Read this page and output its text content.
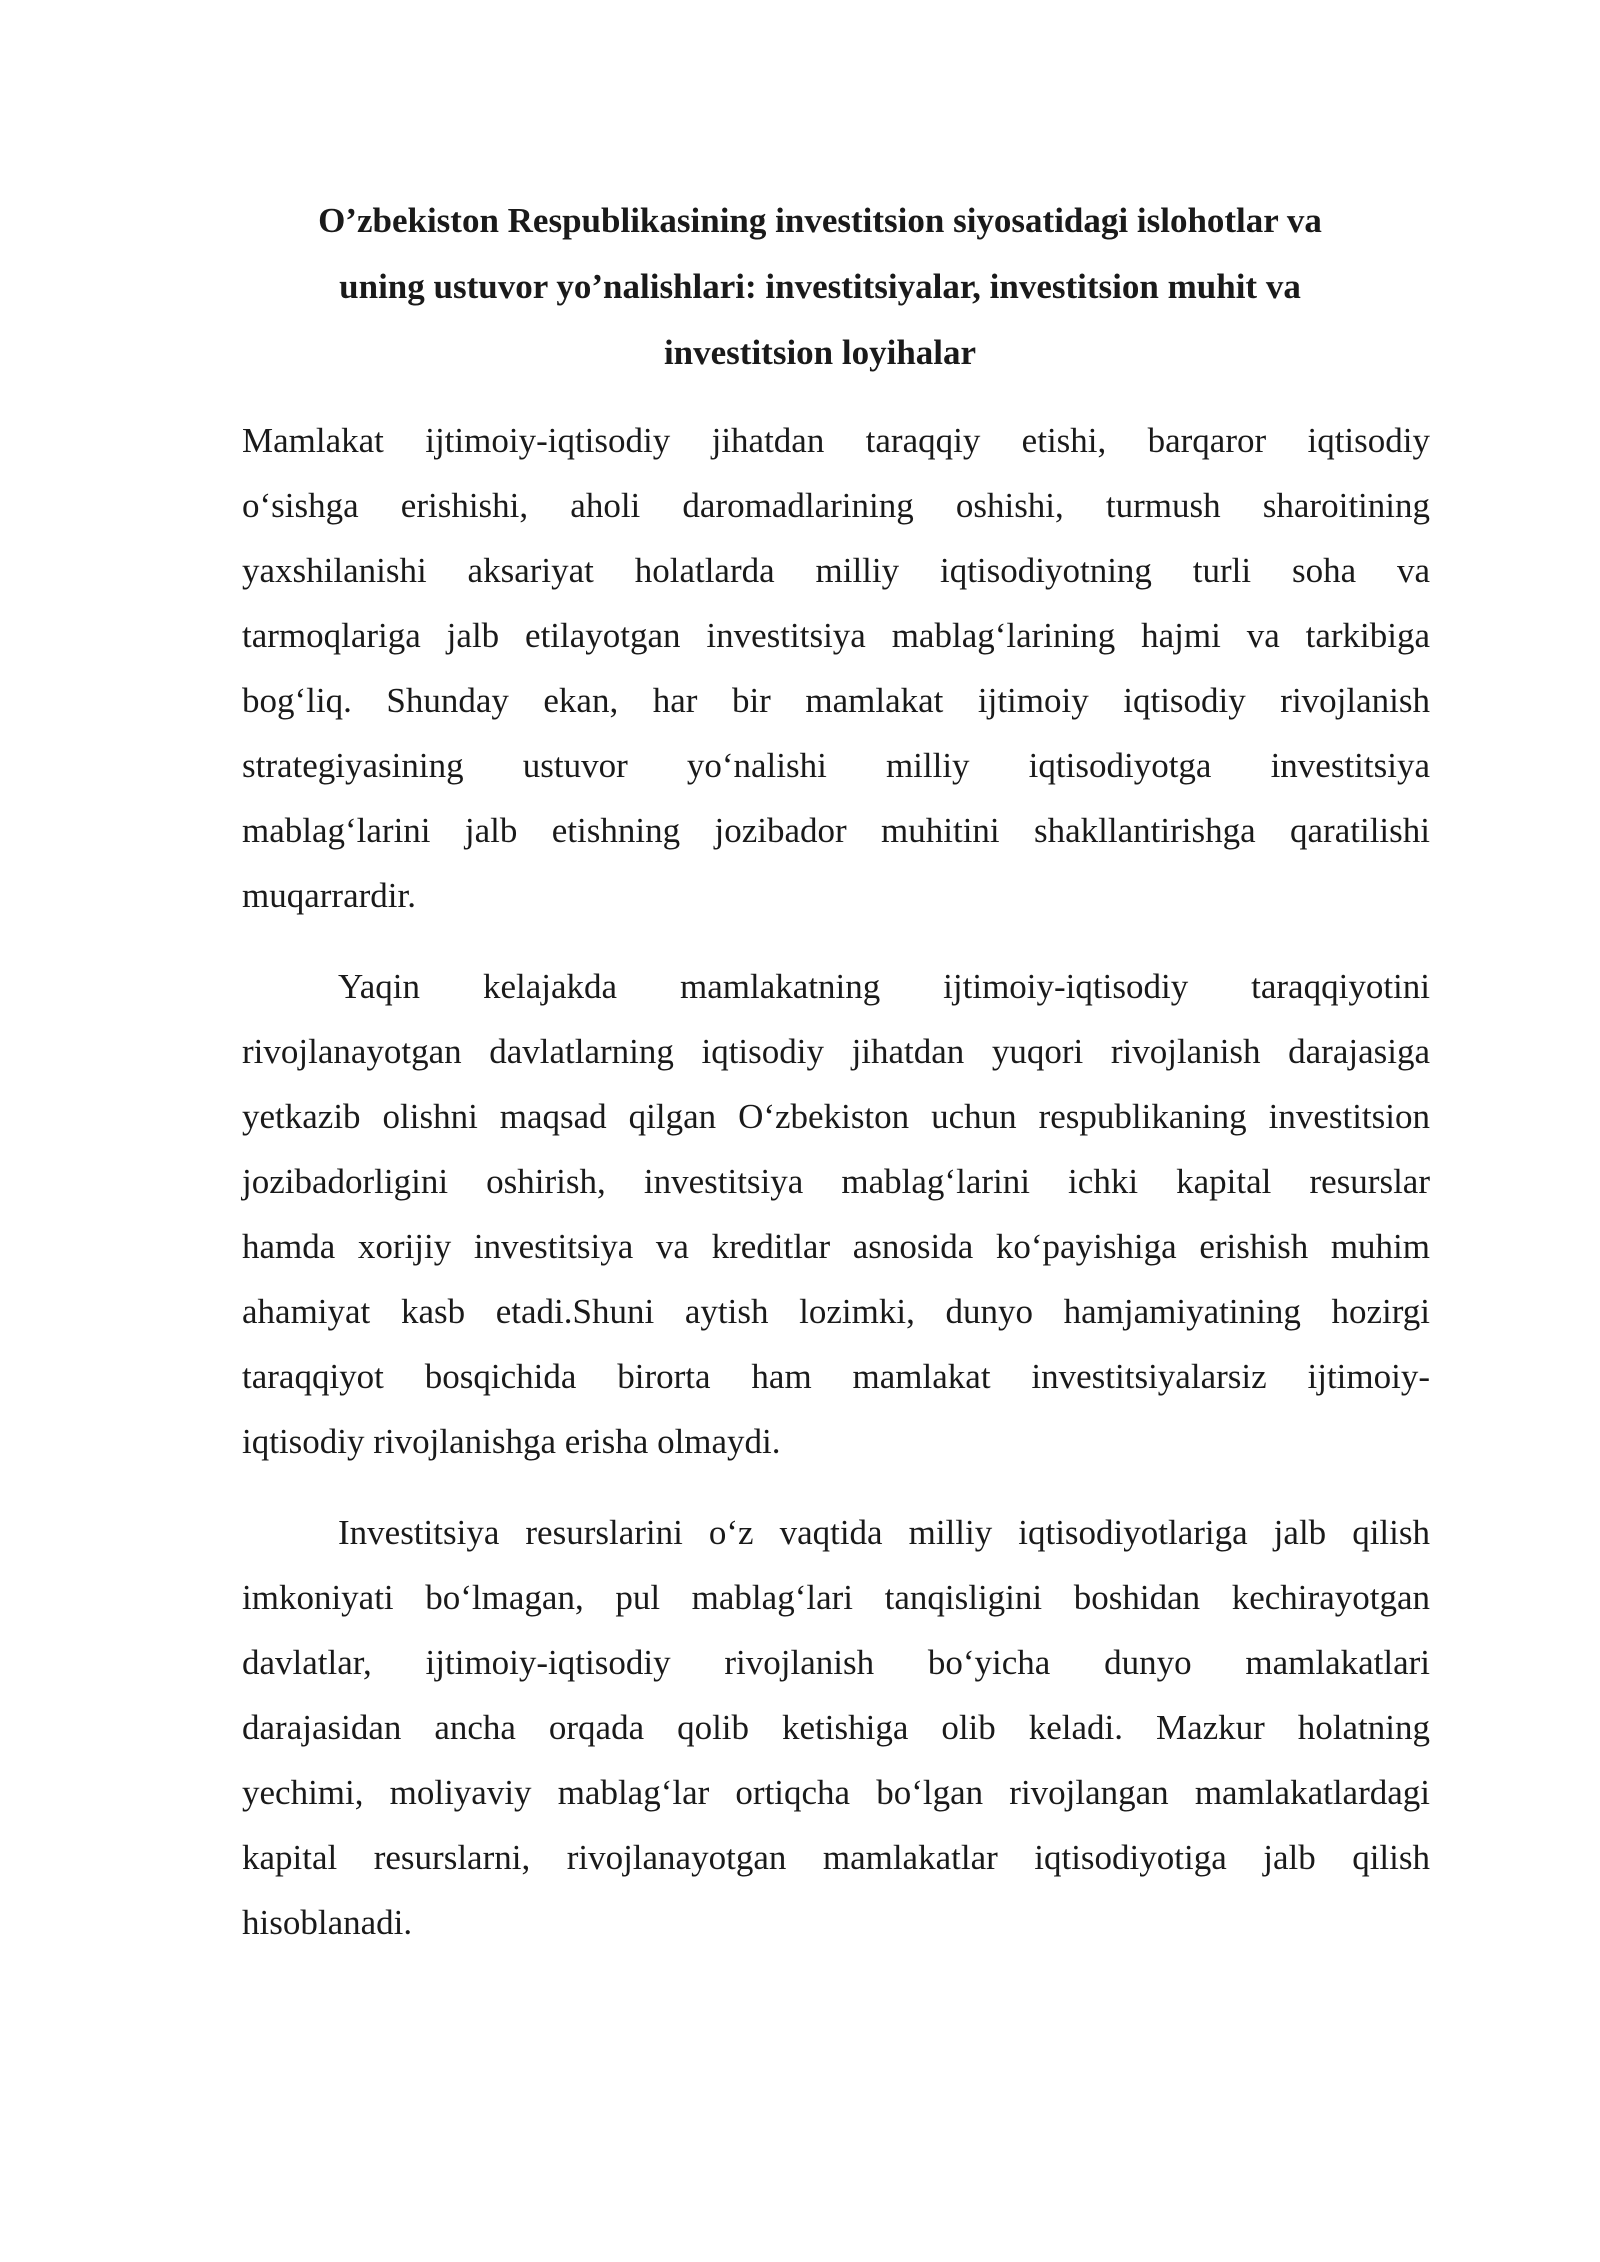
O’zbekiston Respublikasining investitsion siyosatidagi islohotlar va
uning ustuvor yo’nalishlari: investitsiyalar, investitsion muhit va
investitsion loyihalar
Mamlakat ijtimoiy-iqtisodiy jihatdan taraqqiy etishi, barqaror iqtisodiy
o‘sishga erishishi, aholi daromadlarining oshishi, turmush sharoitining
yaxshilanishi aksariyat holatlarda milliy iqtisodiyotning turli soha va
tarmoqlariga jalb etilayotgan investitsiya mablag‘larining hajmi va tarkibiga
bog‘liq. Shunday ekan, har bir mamlakat ijtimoiy iqtisodiy rivojlanish
strategiyasining ustuvor yo‘nalishi milliy iqtisodiyotga investitsiya
mablag‘larini jalb etishning jozibador muhitini shakllantirishga qaratilishi
muqarrardir.
Yaqin kelajakda mamlakatning ijtimoiy-iqtisodiy taraqqiyotini
rivojlanayotgan davlatlarning iqtisodiy jihatdan yuqori rivojlanish darajasiga
yetkazib olishni maqsad qilgan O‘zbekiston uchun respublikaning investitsion
jozibadorligini oshirish, investitsiya mablag‘larini ichki kapital resurslar
hamda xorijiy investitsiya va kreditlar asnosida ko‘payishiga erishish muhim
ahamiyat kasb etadi.Shuni aytish lozimki, dunyo hamjamiyatining hozirgi
taraqqiyot bosqichida birorta ham mamlakat investitsiyalarsiz ijtimoiy-
iqtisodiy rivojlanishga erisha olmaydi.
Investitsiya resurslarini o‘z vaqtida milliy iqtisodiyotlariga jalb qilish
imkoniyati bo‘lmagan, pul mablag‘lari tanqisligini boshidan kechirayotgan
davlatlar, ijtimoiy-iqtisodiy rivojlanish bo‘yicha dunyo mamlakatlari
darajasidan ancha orqada qolib ketishiga olib keladi. Mazkur holatning
yechimi, moliyaviy mablag‘lar ortiqcha bo‘lgan rivojlangan mamlakatlardagi
kapital resurslarni, rivojlanayotgan mamlakatlar iqtisodiyotiga jalb qilish
hisoblanadi.
